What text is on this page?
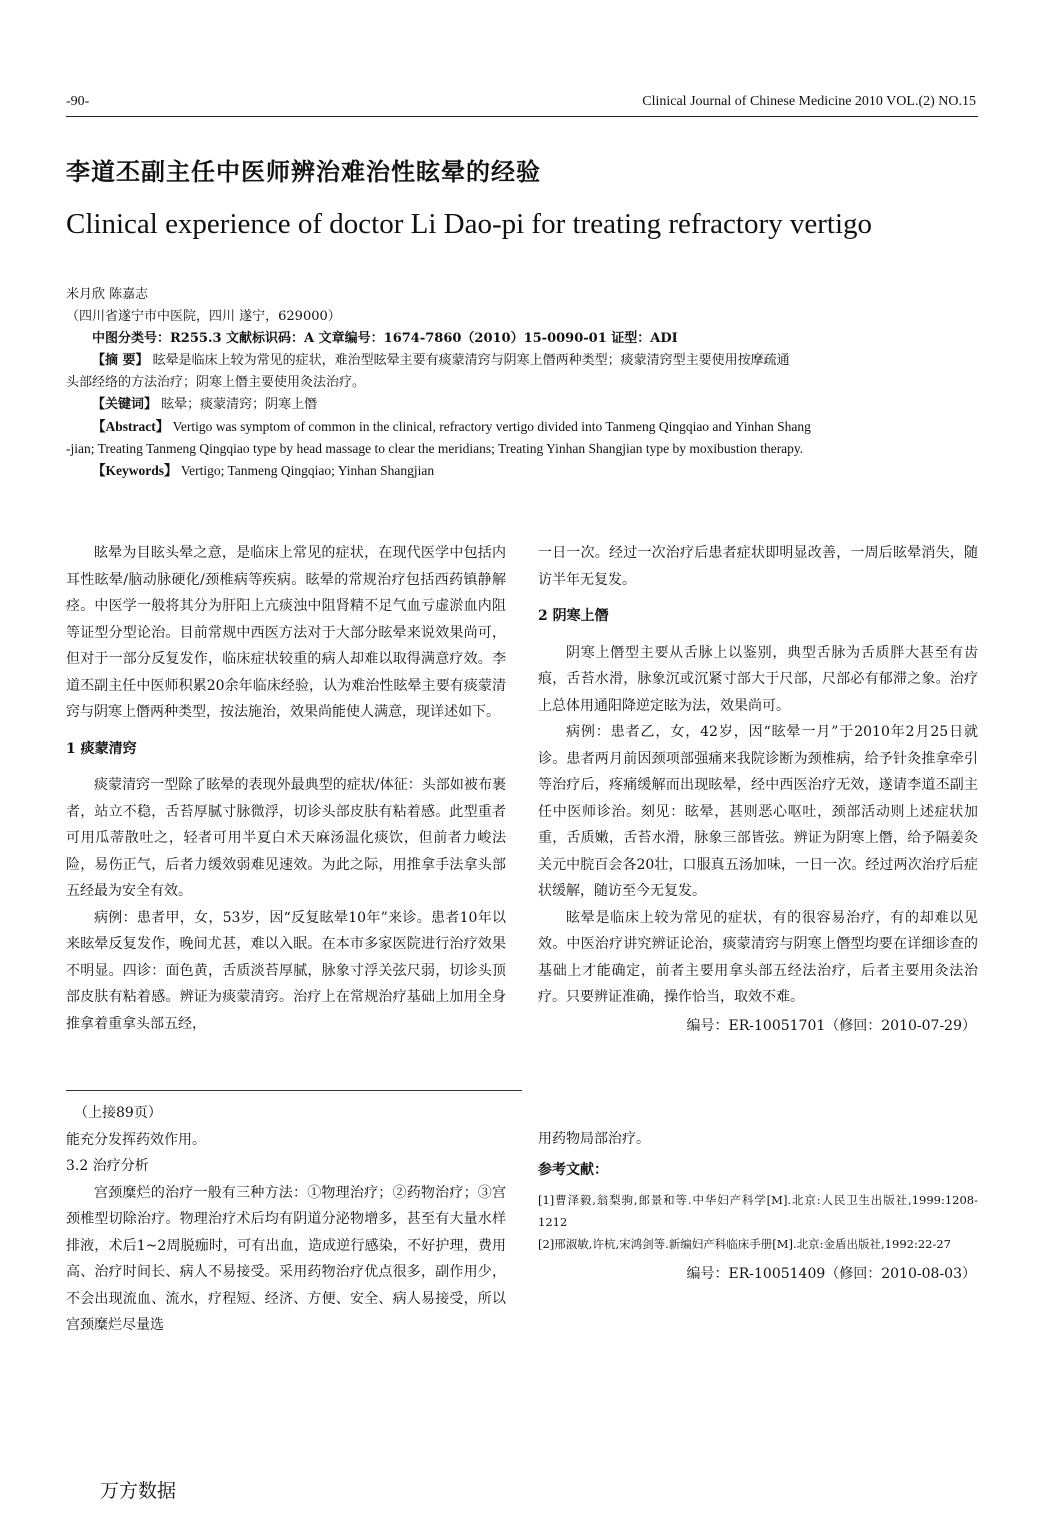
-90-	Clinical Journal of Chinese Medicine 2010 VOL.(2) NO.15
李道丕副主任中医师辨治难治性眩晕的经验
Clinical experience of doctor Li Dao-pi for treating refractory vertigo
米月欣 陈嘉志
（四川省遂宁市中医院，四川 遂宁，629000）
中图分类号：R255.3 文献标识码：A 文章编号：1674-7860（2010）15-0090-01 证型：ADI
【摘 要】 眩晕是临床上较为常见的症状，难治型眩晕主要有痰蒙清窍与阴寒上僭两种类型；痰蒙清窍型主要使用按摩疏通
头部经络的方法治疗；阴寒上僭主要使用灸法治疗。
【关键词】 眩晕；痰蒙清窍；阴寒上僭
【Abstract】 Vertigo was symptom of common in the clinical, refractory vertigo divided into Tanmeng Qingqiao and Yinhan Shang
-jian; Treating Tanmeng Qingqiao type by head massage to clear the meridians; Treating Yinhan Shangjian type by moxibustion therapy.
【Keywords】 Vertigo; Tanmeng Qingqiao; Yinhan Shangjian

眩晕为目眩头晕之意，是临床上常见的症状，在现代医学中包括内耳性眩晕/脑动脉硬化/颈椎病等疾病。眩晕的常规治疗包括西药镇静解痉。中医学一般将其分为肝阳上亢痰浊中阻肾精不足气血亏虚淤血内阻等证型分型论治。目前常规中西医方法对于大部分眩晕来说效果尚可，但对于一部分反复发作，临床症状较重的病人却难以取得满意疗效。李道丕副主任中医师积累20余年临床经验，认为难治性眩晕主要有痰蒙清窍与阴寒上僭两种类型，按法施治，效果尚能使人满意，现详述如下。

1 痰蒙清窍

痰蒙清窍一型除了眩晕的表现外最典型的症状/体征：头部如被布裹者，站立不稳，舌苔厚腻寸脉微浮，切诊头部皮肤有粘着感。此型重者可用瓜蒂散吐之，轻者可用半夏白术天麻汤温化痰饮，但前者力峻法险，易伤正气，后者力缓效弱难见速效。为此之际，用推拿手法拿头部五经最为安全有效。

病例：患者甲，女，53岁，因“反复眩晕10年”来诊。患者10年以来眩晕反复发作，晚间尤甚，难以入眠。在本市多家医院进行治疗效果不明显。四诊：面色黄，舌质淡苔厚腻，脉象寸浮关弦尺弱，切诊头顶部皮肤有粘着感。辨证为痰蒙清窍。治疗上在常规治疗基础上加用全身推拿着重拿头部五经，

一日一次。经过一次治疗后患者症状即明显改善，一周后眩晕消失，随访半年无复发。

2 阴寒上僭

阴寒上僭型主要从舌脉上以鉴别，典型舌脉为舌质胖大甚至有齿痕，舌苔水滑，脉象沉或沉紧寸部大于尺部，尺部必有郁滞之象。治疗上总体用通阳降逆定眩为法，效果尚可。

病例：患者乙，女，42岁，因“眩晕一月”于2010年2月25日就诊。患者两月前因颈项部强痛来我院诊断为颈椎病，给予针灸推拿牵引等治疗后，疼痛缓解而出现眩晕，经中西医治疗无效，遂请李道丕副主任中医师诊治。刻见：眩晕，甚则恶心呕吐，颈部活动则上述症状加重，舌质嫩，舌苔水滑，脉象三部皆弦。辨证为阴寒上僭，给予隔姜灸关元中脘百会各20壮，口服真五汤加味，一日一次。经过两次治疗后症状缓解，随访至今无复发。

眩晕是临床上较为常见的症状，有的很容易治疗，有的却难以见效。中医治疗讲究辨证论治，痰蒙清窍与阴寒上僭型均要在详细诊查的基础上才能确定，前者主要用拿头部五经法治疗，后者主要用灸法治疗。只要辨证准确，操作恰当，取效不难。

编号：ER-10051701（修回：2010-07-29）

（上接89页）

能充分发挥药效作用。

3.2 治疗分析

宫颈糜烂的治疗一般有三种方法：①物理治疗；②药物治疗；③宫颈椎型切除治疗。物理治疗术后均有阴道分泌物增多，甚至有大量水样排液，术后1~2周脱痂时，可有出血，造成逆行感染，不好护理，费用高、治疗时间长、病人不易接受。采用药物治疗优点很多，副作用少，不会出现流血、流水，疗程短、经济、方便、安全、病人易接受，所以宫颈糜烂尽量选

用药物局部治疗。

参考文献：

[1]曹泽毅,翁梨驹,郎景和等.中华妇产科学[M].北京:人民卫生出版社,1999:1208-1212

[2]邢淑敏,许杭,宋鸿剑等.新编妇产科临床手册[M].北京:金盾出版社,1992:22-27

编号：ER-10051409（修回：2010-08-03）

万方数据
